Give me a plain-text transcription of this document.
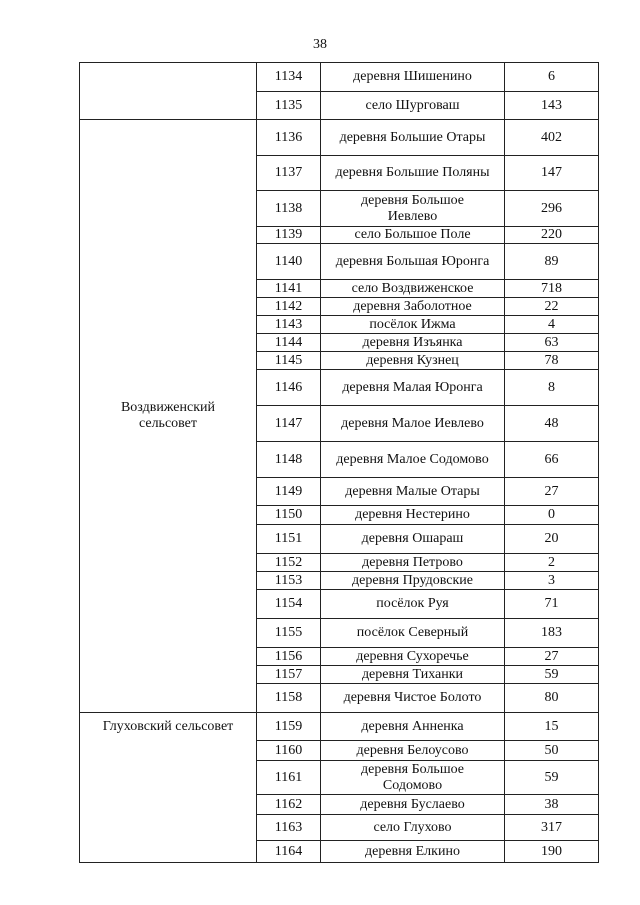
38
	1134	деревня Шишенино	6
	1135	село Шурговаш	143
Воздвиженский сельсовет	1136	деревня Большие Отары	402
	1137	деревня Большие Поляны	147
	1138	деревня Большое Иевлево	296
	1139	село Большое Поле	220
	1140	деревня Большая Юронга	89
	1141	село Воздвиженское	718
	1142	деревня Заболотное	22
	1143	посёлок Ижма	4
	1144	деревня Изъянка	63
	1145	деревня Кузнец	78
	1146	деревня Малая Юронга	8
	1147	деревня Малое Иевлево	48
	1148	деревня Малое Содомово	66
	1149	деревня Малые Отары	27
	1150	деревня Нестерино	0
	1151	деревня Ошараш	20
	1152	деревня Петрово	2
	1153	деревня Прудовские	3
	1154	посёлок Руя	71
	1155	посёлок Северный	183
	1156	деревня Сухоречье	27
	1157	деревня Тиханки	59
	1158	деревня Чистое Болото	80
Глуховский сельсовет	1159	деревня Анненка	15
	1160	деревня Белоусово	50
	1161	деревня Большое Содомово	59
	1162	деревня Буслаево	38
	1163	село Глухово	317
	1164	деревня Елкино	190
